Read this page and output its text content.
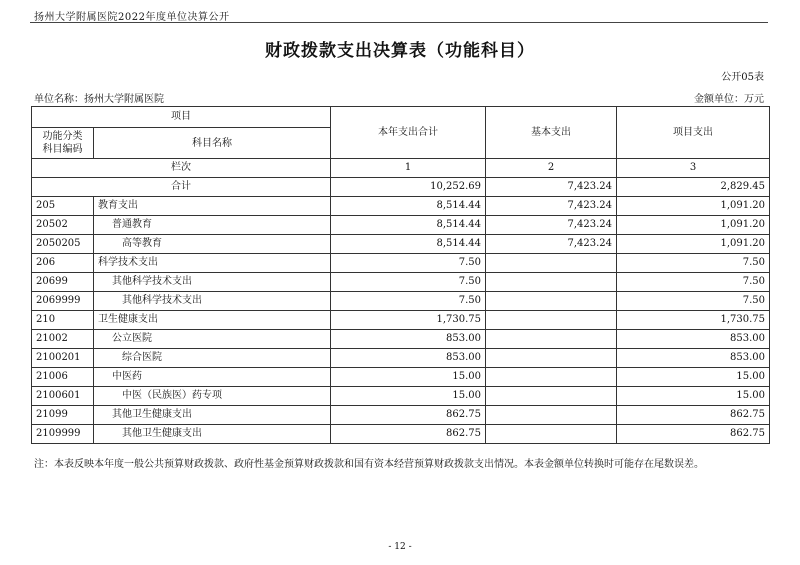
扬州大学附属医院2022年度单位决算公开
财政拨款支出决算表（功能科目）
公开05表
单位名称：扬州大学附属医院	金额单位：万元
项目		本年支出合计	基本支出	项目支出
功能分类
科目编码	科目名称			
栏次		1	2	3
合计		10,252.69	7,423.24	2,829.45
205	教育支出	8,514.44	7,423.24	1,091.20
20502	普通教育	8,514.44	7,423.24	1,091.20
2050205	高等教育	8,514.44	7,423.24	1,091.20
206	科学技术支出	7.50		7.50
20699	其他科学技术支出	7.50		7.50
2069999	其他科学技术支出	7.50		7.50
210	卫生健康支出	1,730.75		1,730.75
21002	公立医院	853.00		853.00
2100201	综合医院	853.00		853.00
21006	中医药	15.00		15.00
2100601	中医（民族医）药专项	15.00		15.00
21099	其他卫生健康支出	862.75		862.75
2109999	其他卫生健康支出	862.75		862.75
注：本表反映本年度一般公共预算财政拨款、政府性基金预算财政拨款和国有资本经营预算财政拨款支出情况。本表金额单位转换时可能存在尾数误差。
- 12 -
